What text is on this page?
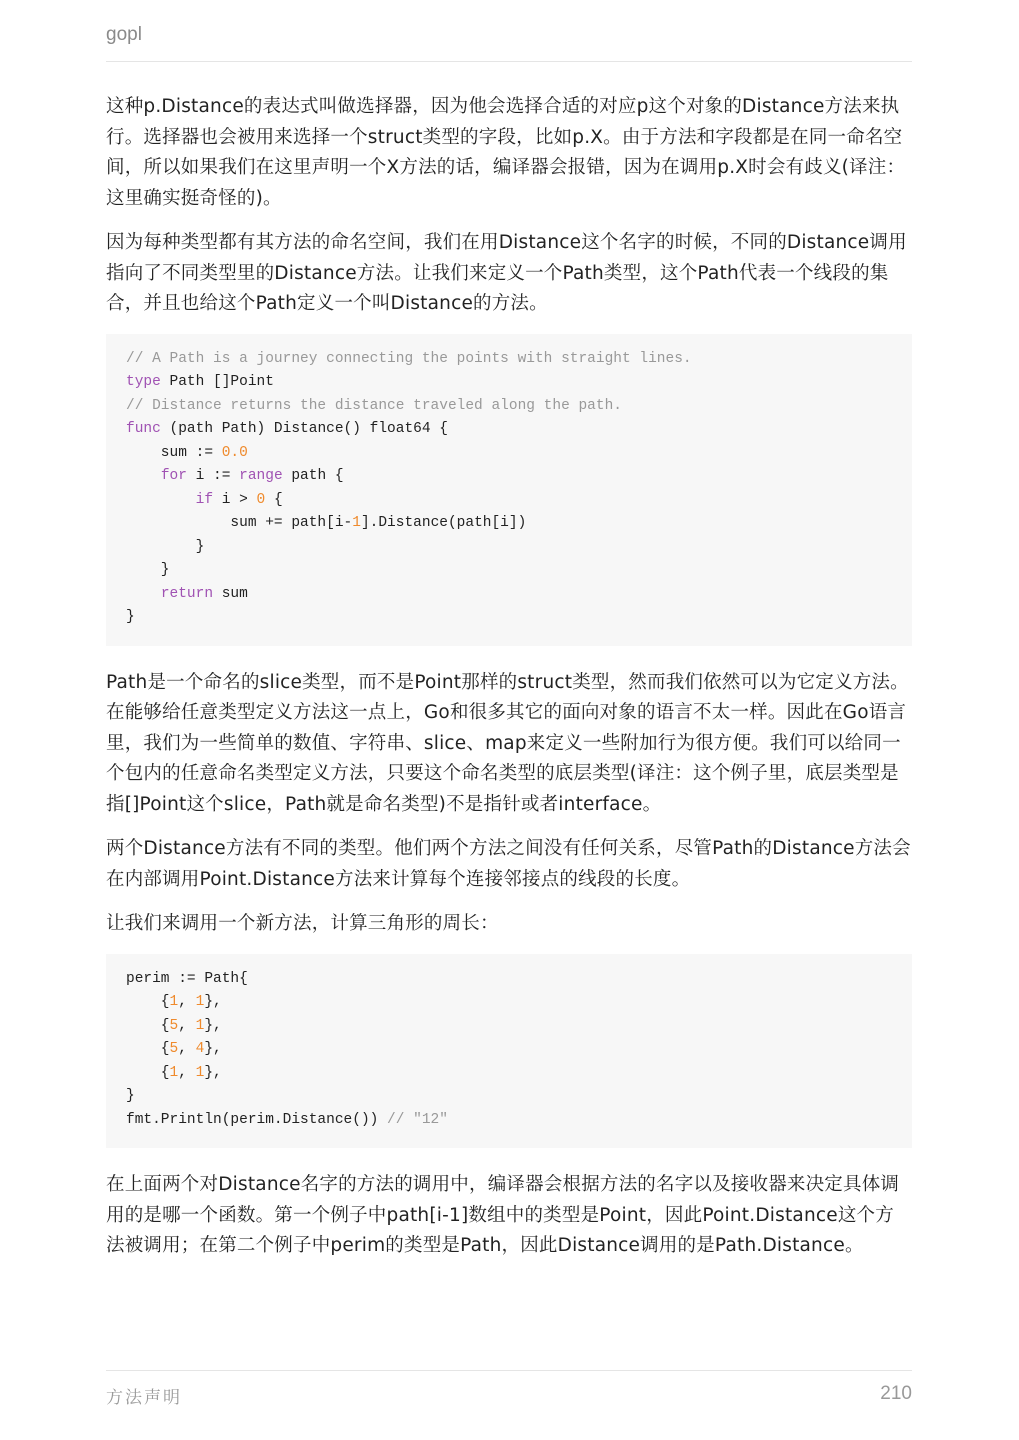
gopl

这种p.Distance的表达式叫做选择器，因为他会选择合适的对应p这个对象的Distance方法来执行。选择器也会被用来选择一个struct类型的字段，比如p.X。由于方法和字段都是在同一命名空间，所以如果我们在这里声明一个X方法的话，编译器会报错，因为在调用p.X时会有歧义(译注：这里确实挺奇怪的)。

因为每种类型都有其方法的命名空间，我们在用Distance这个名字的时候，不同的Distance调用指向了不同类型里的Distance方法。让我们来定义一个Path类型，这个Path代表一个线段的集合，并且也给这个Path定义一个叫Distance的方法。

// A Path is a journey connecting the points with straight lines.
type Path []Point
// Distance returns the distance traveled along the path.
func (path Path) Distance() float64 {
sum := 0.0
for i := range path {
if i > 0 {
sum += path[i-1].Distance(path[i])
}
}
return sum
}

Path是一个命名的slice类型，而不是Point那样的struct类型，然而我们依然可以为它定义方法。在能够给任意类型定义方法这一点上，Go和很多其它的面向对象的语言不太一样。因此在Go语言里，我们为一些简单的数值、字符串、slice、map来定义一些附加行为很方便。我们可以给同一个包内的任意命名类型定义方法，只要这个命名类型的底层类型(译注：这个例子里，底层类型是指[]Point这个slice，Path就是命名类型)不是指针或者interface。

两个Distance方法有不同的类型。他们两个方法之间没有任何关系，尽管Path的Distance方法会在内部调用Point.Distance方法来计算每个连接邻接点的线段的长度。

让我们来调用一个新方法，计算三角形的周长：

perim := Path{
{1, 1},
{5, 1},
{5, 4},
{1, 1},
}
fmt.Println(perim.Distance()) // "12"

在上面两个对Distance名字的方法的调用中，编译器会根据方法的名字以及接收器来决定具体调用的是哪一个函数。第一个例子中path[i-1]数组中的类型是Point，因此Point.Distance这个方法被调用；在第二个例子中perim的类型是Path，因此Distance调用的是Path.Distance。

方法声明	210
